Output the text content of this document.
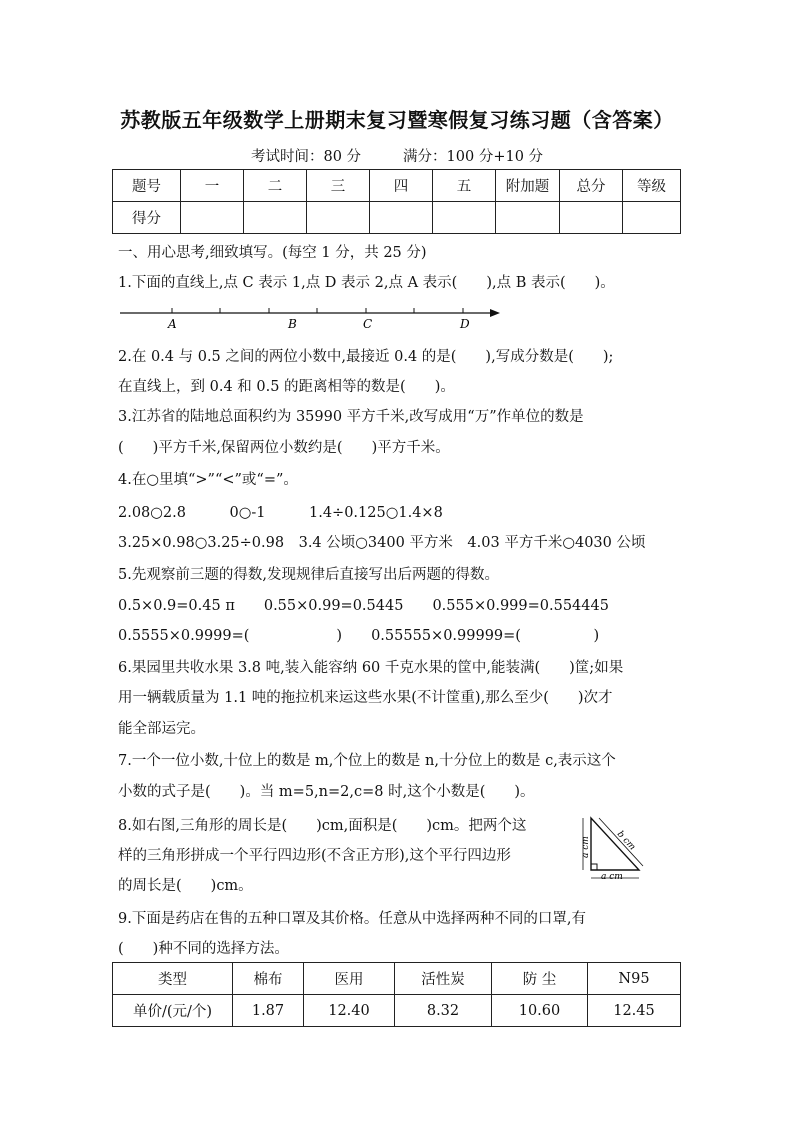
苏教版五年级数学上册期末复习暨寒假复习练习题（含答案）
考试时间：80 分	满分：100 分+10 分
题号	一	二	三	四	五	附加题	总分	等级
得分								
一、用心思考,细致填写。(每空 1 分，共 25 分)
1.下面的直线上,点 C 表示 1,点 D 表示 2,点 A 表示(　　),点 B 表示(　　)。
A	B	C	D
2.在 0.4 与 0.5 之间的两位小数中,最接近 0.4 的是(　　),写成分数是(　　);
在直线上，到 0.4 和 0.5 的距离相等的数是(　　)。
3.江苏省的陆地总面积约为 35990 平方千米,改写成用“万”作单位的数是
(　　)平方千米,保留两位小数约是(　　)平方千米。
4.在○里填“>”“<”或“=”。
2.08○2.8　　　0○-1　　　1.4÷0.125○1.4×8
3.25×0.98○3.25÷0.98　3.4 公顷○3400 平方米　4.03 平方千米○4030 公顷
5.先观察前三题的得数,发现规律后直接写出后两题的得数。
0.5×0.9=0.45 π　　0.55×0.99=0.5445　　0.555×0.999=0.554445
0.5555×0.9999=(　　　　　　)　　0.55555×0.99999=(　　　　　)
6.果园里共收水果 3.8 吨,装入能容纳 60 千克水果的筐中,能装满(　　)筐;如果
用一辆载质量为 1.1 吨的拖拉机来运这些水果(不计筐重),那么至少(　　)次才
能全部运完。
7.一个一位小数,十位上的数是 m,个位上的数是 n,十分位上的数是 c,表示这个
小数的式子是(　　)。当 m=5,n=2,c=8 时,这个小数是(　　)。
8.如右图,三角形的周长是(　　)cm,面积是(　　)cm。把两个这
样的三角形拼成一个平行四边形(不含正方形),这个平行四边形
的周长是(　　)cm。
a cm
a cm
b cm
9.下面是药店在售的五种口罩及其价格。任意从中选择两种不同的口罩,有
(　　)种不同的选择方法。
类型	棉布	医用	活性炭	防 尘	N95
单价/(元/个)	1.87	12.40	8.32	10.60	12.45
